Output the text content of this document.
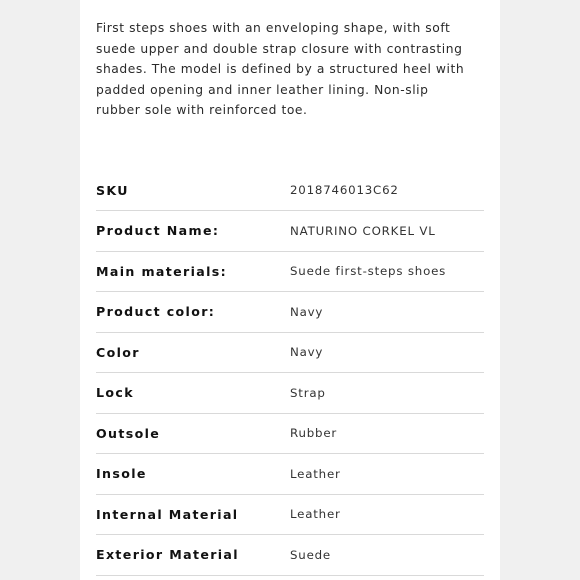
First steps shoes with an enveloping shape, with soft
suede upper and double strap closure with contrasting
shades. The model is defined by a structured heel with
padded opening and inner leather lining. Non-slip
rubber sole with reinforced toe.

SKU	2018746013C62
Product Name:	NATURINO CORKEL VL
Main materials:	Suede first-steps shoes
Product color:	Navy
Color	Navy
Lock	Strap
Outsole	Rubber
Insole	Leather
Internal Material	Leather
Exterior Material	Suede
